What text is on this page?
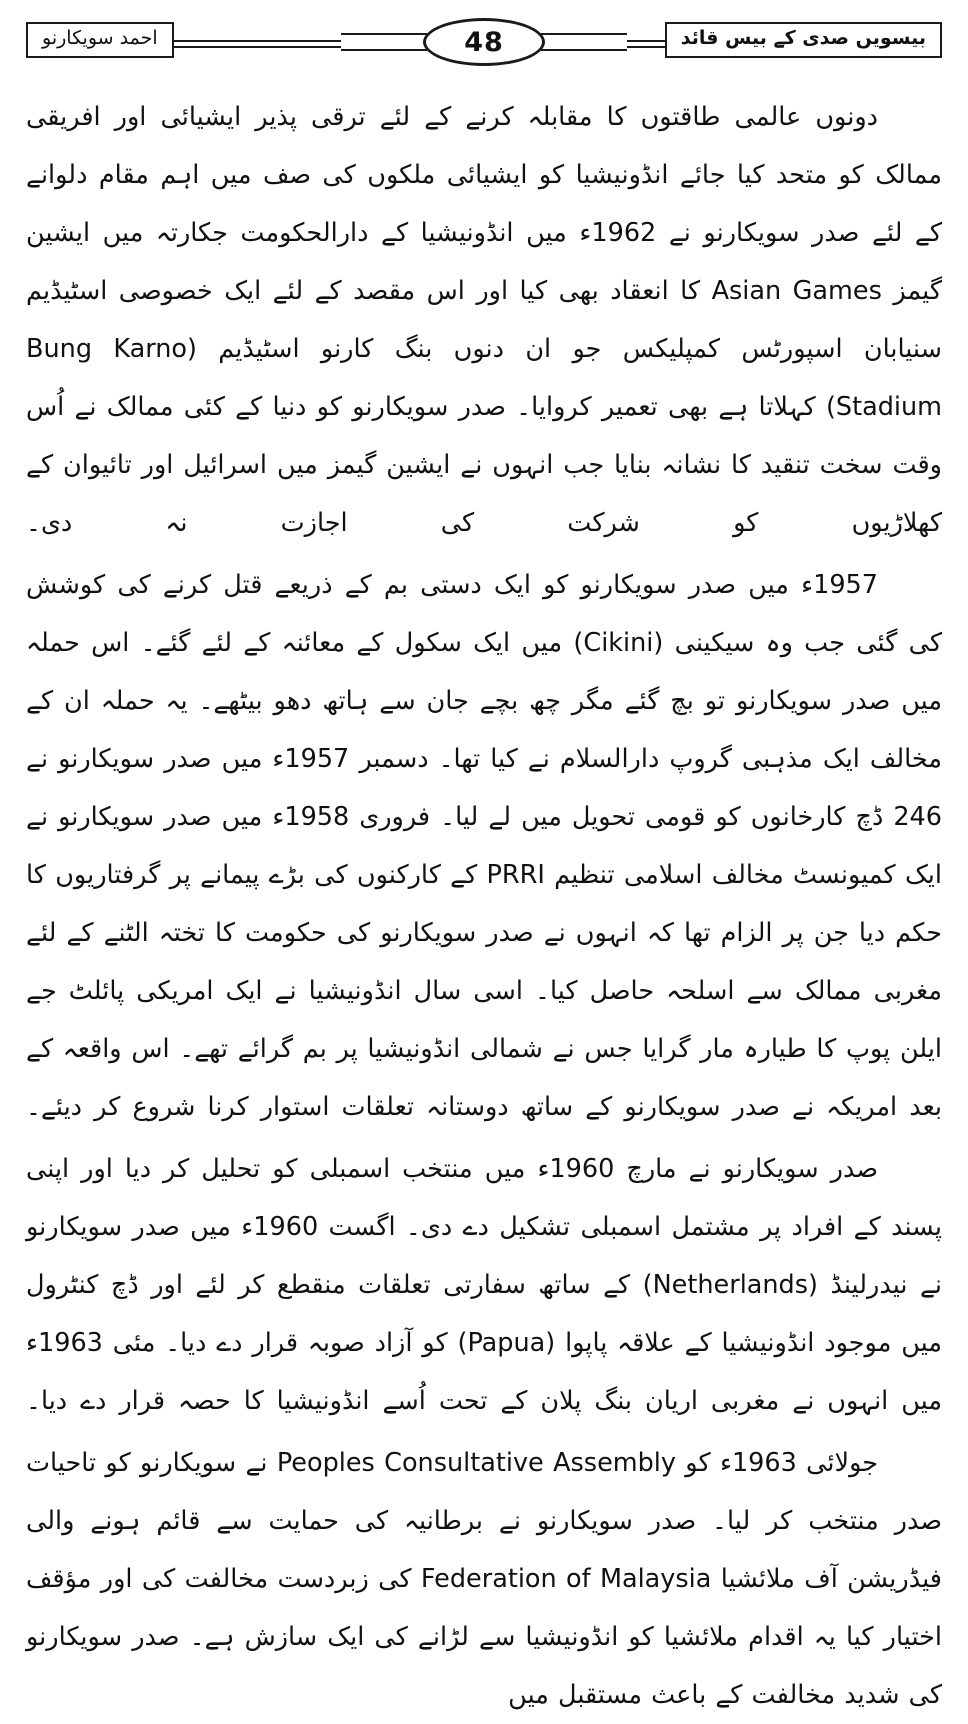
بیسویں صدی کے بیس قائد
احمد سویکارنو	48

دونوں عالمی طاقتوں کا مقابلہ کرنے کے لئے ترقی پذیر ایشیائی اور افریقی ممالک کو متحد کیا جائے انڈونیشیا کو ایشیائی ملکوں کی صف میں اہم مقام دلوانے کے لئے صدر سویکارنو نے 1962ء میں انڈونیشیا کے دارالحکومت جکارتہ میں ایشین گیمز Asian Games کا انعقاد بھی کیا اور اس مقصد کے لئے ایک خصوصی اسٹیڈیم سنیابان اسپورٹس کمپلیکس جو ان دنوں بنگ کارنو اسٹیڈیم (Bung Karno Stadium) کہلاتا ہے بھی تعمیر کروایا۔ صدر سویکارنو کو دنیا کے کئی ممالک نے اُس وقت سخت تنقید کا نشانہ بنایا جب انہوں نے ایشین گیمز میں اسرائیل اور تائیوان کے کھلاڑیوں کو شرکت کی اجازت نہ دی۔

1957ء میں صدر سویکارنو کو ایک دستی بم کے ذریعے قتل کرنے کی کوشش کی گئی جب وہ سیکینی (Cikini) میں ایک سکول کے معائنہ کے لئے گئے۔ اس حملہ میں صدر سویکارنو تو بچ گئے مگر چھ بچے جان سے ہاتھ دھو بیٹھے۔ یہ حملہ ان کے مخالف ایک مذہبی گروپ دارالسلام نے کیا تھا۔ دسمبر 1957ء میں صدر سویکارنو نے 246 ڈچ کارخانوں کو قومی تحویل میں لے لیا۔ فروری 1958ء میں صدر سویکارنو نے ایک کمیونسٹ مخالف اسلامی تنظیم PRRI کے کارکنوں کی بڑے پیمانے پر گرفتاریوں کا حکم دیا جن پر الزام تھا کہ انہوں نے صدر سویکارنو کی حکومت کا تختہ الٹنے کے لئے مغربی ممالک سے اسلحہ حاصل کیا۔ اسی سال انڈونیشیا نے ایک امریکی پائلٹ جے ایلن پوپ کا طیارہ مار گرایا جس نے شمالی انڈونیشیا پر بم گرائے تھے۔ اس واقعہ کے بعد امریکہ نے صدر سویکارنو کے ساتھ دوستانہ تعلقات استوار کرنا شروع کر دیئے۔

صدر سویکارنو نے مارچ 1960ء میں منتخب اسمبلی کو تحلیل کر دیا اور اپنی پسند کے افراد پر مشتمل اسمبلی تشکیل دے دی۔ اگست 1960ء میں صدر سویکارنو نے نیدرلینڈ (Netherlands) کے ساتھ سفارتی تعلقات منقطع کر لئے اور ڈچ کنٹرول میں موجود انڈونیشیا کے علاقہ پاپوا (Papua) کو آزاد صوبہ قرار دے دیا۔ مئی 1963ء میں انہوں نے مغربی اریان بنگ پلان کے تحت اُسے انڈونیشیا کا حصہ قرار دے دیا۔

جولائی 1963ء کو Peoples Consultative Assembly نے سویکارنو کو تاحیات صدر منتخب کر لیا۔ صدر سویکارنو نے برطانیہ کی حمایت سے قائم ہونے والی فیڈریشن آف ملائشیا Federation of Malaysia کی زبردست مخالفت کی اور مؤقف اختیار کیا یہ اقدام ملائشیا کو انڈونیشیا سے لڑانے کی ایک سازش ہے۔ صدر سویکارنو کی شدید مخالفت کے باعث مستقبل میں
